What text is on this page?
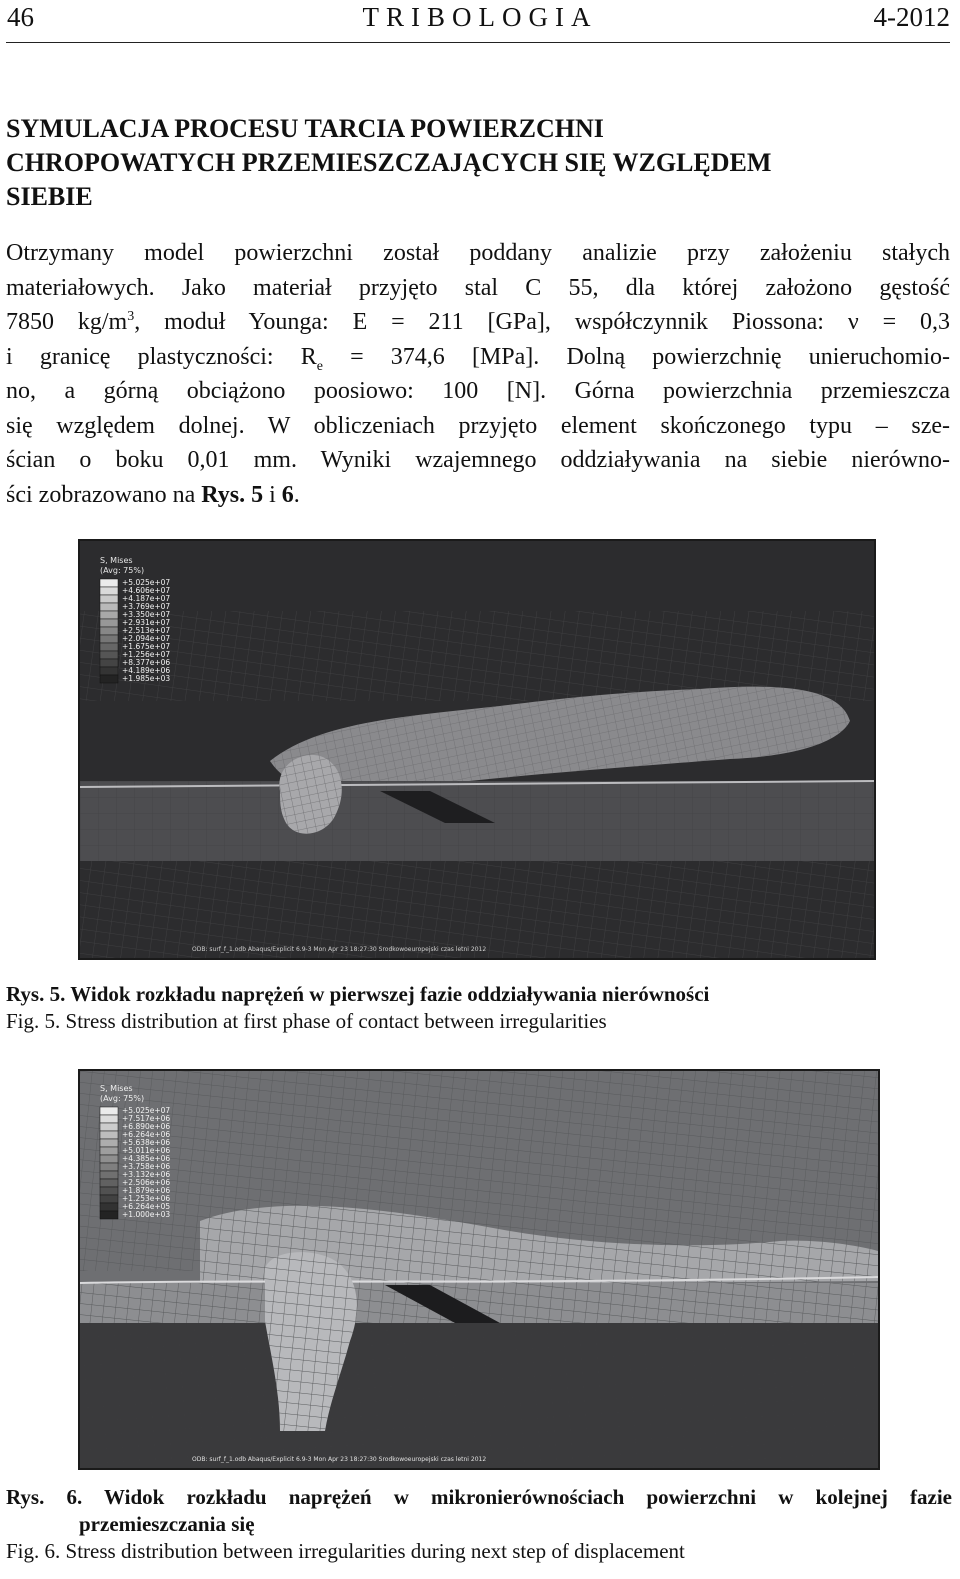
46	TRIBOLOGIA	4-2012
SYMULACJA PROCESU TARCIA POWIERZCHNI
CHROPOWATYCH PRZEMIESZCZAJĄCYCH SIĘ WZGLĘDEM
SIEBIE
Otrzymany model powierzchni został poddany analizie przy założeniu stałych
materiałowych. Jako materiał przyjęto stal C 55, dla której założono gęstość
7850 $kg/m^3$, moduł Younga: E = 211 [GPa], współczynnik Piossona: ν = 0,3
i granicę plastyczności: $R_e = 374,6$ [MPa]. Dolną powierzchnię unieruchomio-
no, a górną obciążono poosiowo: 100 [N]. Górna powierzchnia przemieszcza
się względem dolnej. W obliczeniach przyjęto element skończonego typu – sze-
ścian o boku 0,01 mm. Wyniki wzajemnego oddziaływania na siebie nierówno-
ści zobrazowano na Rys. 5 i 6.
S, Mises
(Avg: 75%)
+5.025e+07
+4.606e+07
+4.187e+07
+3.769e+07
+3.350e+07
+2.931e+07
+2.513e+07
+2.094e+07
+1.675e+07
+1.256e+07
+8.377e+06
+4.189e+06
+1.985e+03
ODB: surf_f_1.odb Abaqus/Explicit 6.9-3 Mon Apr 23 18:27:30 Srodkowoeuropejski czas letni 2012
Rys. 5. Widok rozkładu naprężeń w pierwszej fazie oddziaływania nierówności
Fig. 5. Stress distribution at first phase of contact between irregularities
S, Mises
(Avg: 75%)
+5.025e+07
+7.517e+06
+6.890e+06
+6.264e+06
+5.638e+06
+5.011e+06
+4.385e+06
+3.758e+06
+3.132e+06
+2.506e+06
+1.879e+06
+1.253e+06
+6.264e+05
+1.000e+03
ODB: surf_f_1.odb Abaqus/Explicit 6.9-3 Mon Apr 23 18:27:30 Srodkowoeuropejski czas letni 2012
Rys. 6. Widok rozkładu naprężeń w mikronierównościach powierzchni w kolejnej fazie
przemieszczania się
Fig. 6. Stress distribution between irregularities during next step of displacement
